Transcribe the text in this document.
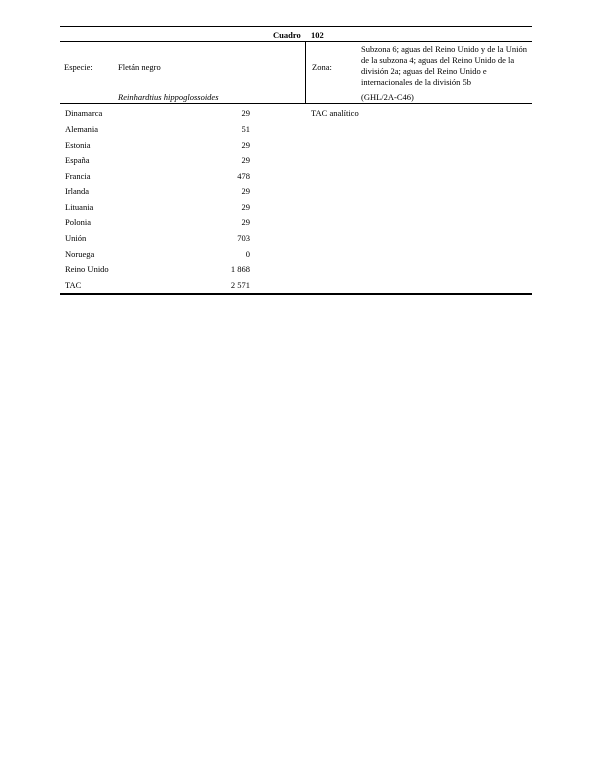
Cuadro 102
Especie:	Fletán negro
Reinhardtius hippoglossoides
Zona:
Subzona 6; aguas del Reino Unido y de la Unión de la subzona 4; aguas del Reino Unido de la división 2a; aguas del Reino Unido e internacionales de la división 5b
(GHL/2A-C46)
TAC analítico
Dinamarca	29
Alemania	51
Estonia	29
España	29
Francia	478
Irlanda	29
Lituania	29
Polonia	29
Unión	703
Noruega	0
Reino Unido	1 868
TAC	2 571
